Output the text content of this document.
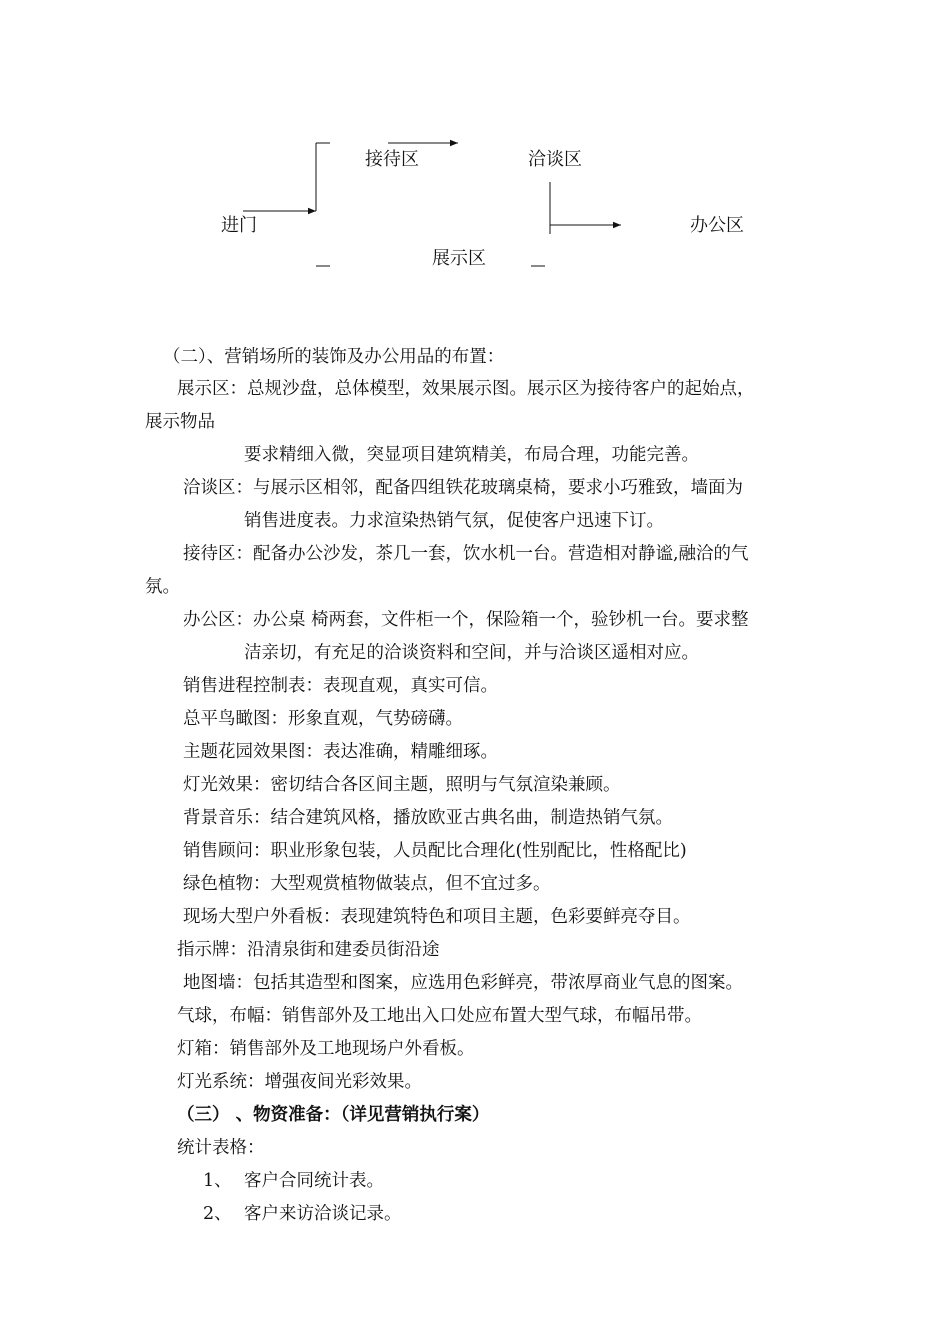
进门
接待区	洽谈区
展示区
办公区
（二）、营销场所的装饰及办公用品的布置：
展示区：总规沙盘，总体模型，效果展示图。展示区为接待客户的起始点，
展示物品
要求精细入微，突显项目建筑精美，布局合理，功能完善。
洽谈区：与展示区相邻，配备四组铁花玻璃桌椅，要求小巧雅致，墙面为
销售进度表。力求渲染热销气氛，促使客户迅速下订。
接待区：配备办公沙发，茶几一套，饮水机一台。营造相对静谧,融洽的气
氛。
办公区：办公桌 椅两套，文件柜一个，保险箱一个，验钞机一台。要求整
洁亲切，有充足的洽谈资料和空间，并与洽谈区遥相对应。
销售进程控制表：表现直观，真实可信。
总平鸟瞰图：形象直观，气势磅礴。
主题花园效果图：表达准确，精雕细琢。
灯光效果：密切结合各区间主题，照明与气氛渲染兼顾。
背景音乐：结合建筑风格，播放欧亚古典名曲，制造热销气氛。
销售顾问：职业形象包装，人员配比合理化(性别配比，性格配比)
绿色植物：大型观赏植物做装点，但不宜过多。
现场大型户外看板：表现建筑特色和项目主题，色彩要鲜亮夺目。
指示牌：沿清泉街和建委员街沿途
地图墙：包括其造型和图案，应选用色彩鲜亮，带浓厚商业气息的图案。
气球，布幅：销售部外及工地出入口处应布置大型气球，布幅吊带。
灯箱：销售部外及工地现场户外看板。
灯光系统：增强夜间光彩效果。
（三） 、物资准备：（详见营销执行案）
统计表格：
1、 客户合同统计表。
2、 客户来访洽谈记录。
